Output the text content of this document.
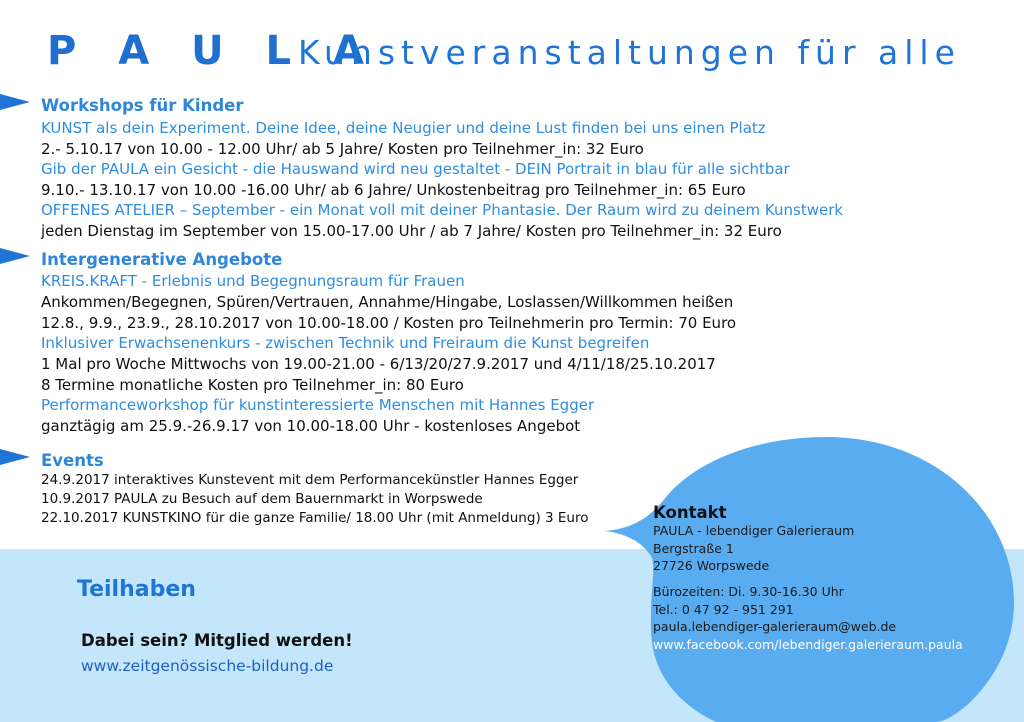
P A U L A
Kunstveranstaltungen für alle
Workshops für Kinder
KUNST als dein Experiment. Deine Idee, deine Neugier und deine Lust finden bei uns einen Platz
2.- 5.10.17 von 10.00 - 12.00 Uhr/ ab 5 Jahre/ Kosten pro Teilnehmer_in: 32 Euro
Gib der PAULA ein Gesicht - die Hauswand wird neu gestaltet - DEIN Portrait in blau für alle sichtbar
9.10.- 13.10.17 von 10.00 -16.00 Uhr/ ab 6 Jahre/ Unkostenbeitrag pro Teilnehmer_in: 65 Euro
OFFENES ATELIER – September - ein Monat voll mit deiner Phantasie. Der Raum wird zu deinem Kunstwerk
jeden Dienstag im September von 15.00-17.00 Uhr / ab 7 Jahre/ Kosten pro Teilnehmer_in: 32 Euro
Intergenerative Angebote
KREIS.KRAFT - Erlebnis und Begegnungsraum für Frauen
Ankommen/Begegnen, Spüren/Vertrauen, Annahme/Hingabe, Loslassen/Willkommen heißen
12.8., 9.9., 23.9., 28.10.2017 von 10.00-18.00 / Kosten pro Teilnehmerin pro Termin: 70 Euro
Inklusiver Erwachsenenkurs - zwischen Technik und Freiraum die Kunst begreifen
1 Mal pro Woche Mittwochs von 19.00-21.00 - 6/13/20/27.9.2017 und 4/11/18/25.10.2017
8 Termine monatliche Kosten pro Teilnehmer_in: 80 Euro
Performanceworkshop für kunstinteressierte Menschen mit Hannes Egger
ganztägig am 25.9.-26.9.17 von 10.00-18.00 Uhr - kostenloses Angebot
Events
24.9.2017 interaktives Kunstevent mit dem Performancekünstler Hannes Egger
10.9.2017 PAULA zu Besuch auf dem Bauernmarkt in Worpswede
22.10.2017 KUNSTKINO für die ganze Familie/ 18.00 Uhr (mit Anmeldung) 3 Euro
Teilhaben
Dabei sein? Mitglied werden!
www.zeitgenössische-bildung.de
Kontakt
PAULA - lebendiger Galerieraum
Bergstraße 1
27726 Worpswede
Bürozeiten: Di. 9.30-16.30 Uhr
Tel.: 0 47 92 - 951 291
paula.lebendiger-galerieraum@web.de
www.facebook.com/lebendiger.galerieraum.paula
